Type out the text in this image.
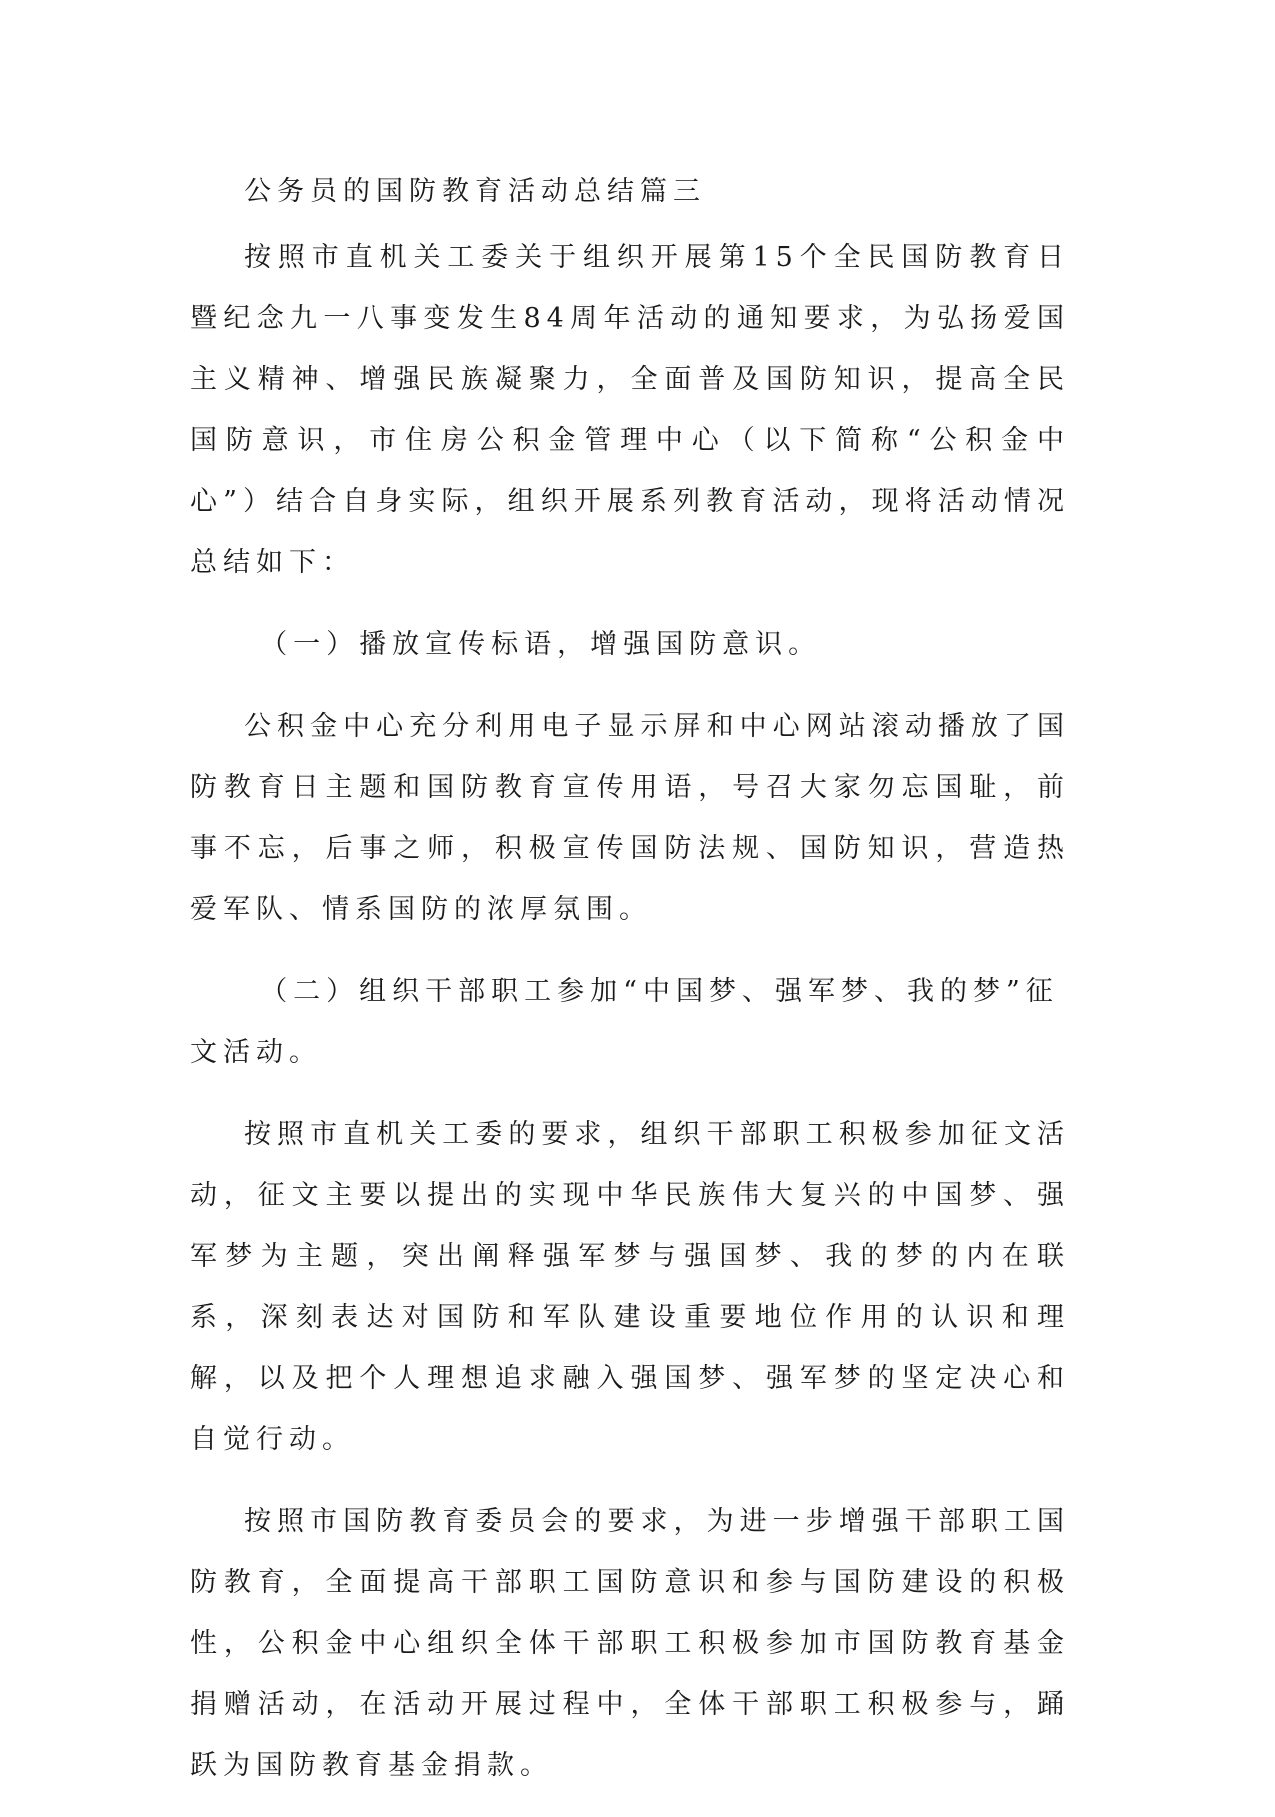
公务员的国防教育活动总结篇三

按照市直机关工委关于组织开展第15个全民国防教育日暨纪念九一八事变发生84周年活动的通知要求，为弘扬爱国主义精神、增强民族凝聚力，全面普及国防知识，提高全民国防意识，市住房公积金管理中心（以下简称“公积金中心”）结合自身实际，组织开展系列教育活动，现将活动情况总结如下：

（一）播放宣传标语，增强国防意识。

公积金中心充分利用电子显示屏和中心网站滚动播放了国防教育日主题和国防教育宣传用语，号召大家勿忘国耻，前事不忘，后事之师，积极宣传国防法规、国防知识，营造热爱军队、情系国防的浓厚氛围。

（二）组织干部职工参加“中国梦、强军梦、我的梦”征文活动。

按照市直机关工委的要求，组织干部职工积极参加征文活动，征文主要以提出的实现中华民族伟大复兴的中国梦、强军梦为主题，突出阐释强军梦与强国梦、我的梦的内在联系，深刻表达对国防和军队建设重要地位作用的认识和理解，以及把个人理想追求融入强国梦、强军梦的坚定决心和自觉行动。

按照市国防教育委员会的要求，为进一步增强干部职工国防教育，全面提高干部职工国防意识和参与国防建设的积极性，公积金中心组织全体干部职工积极参加市国防教育基金捐赠活动，在活动开展过程中，全体干部职工积极参与，踊跃为国防教育基金捐款。
